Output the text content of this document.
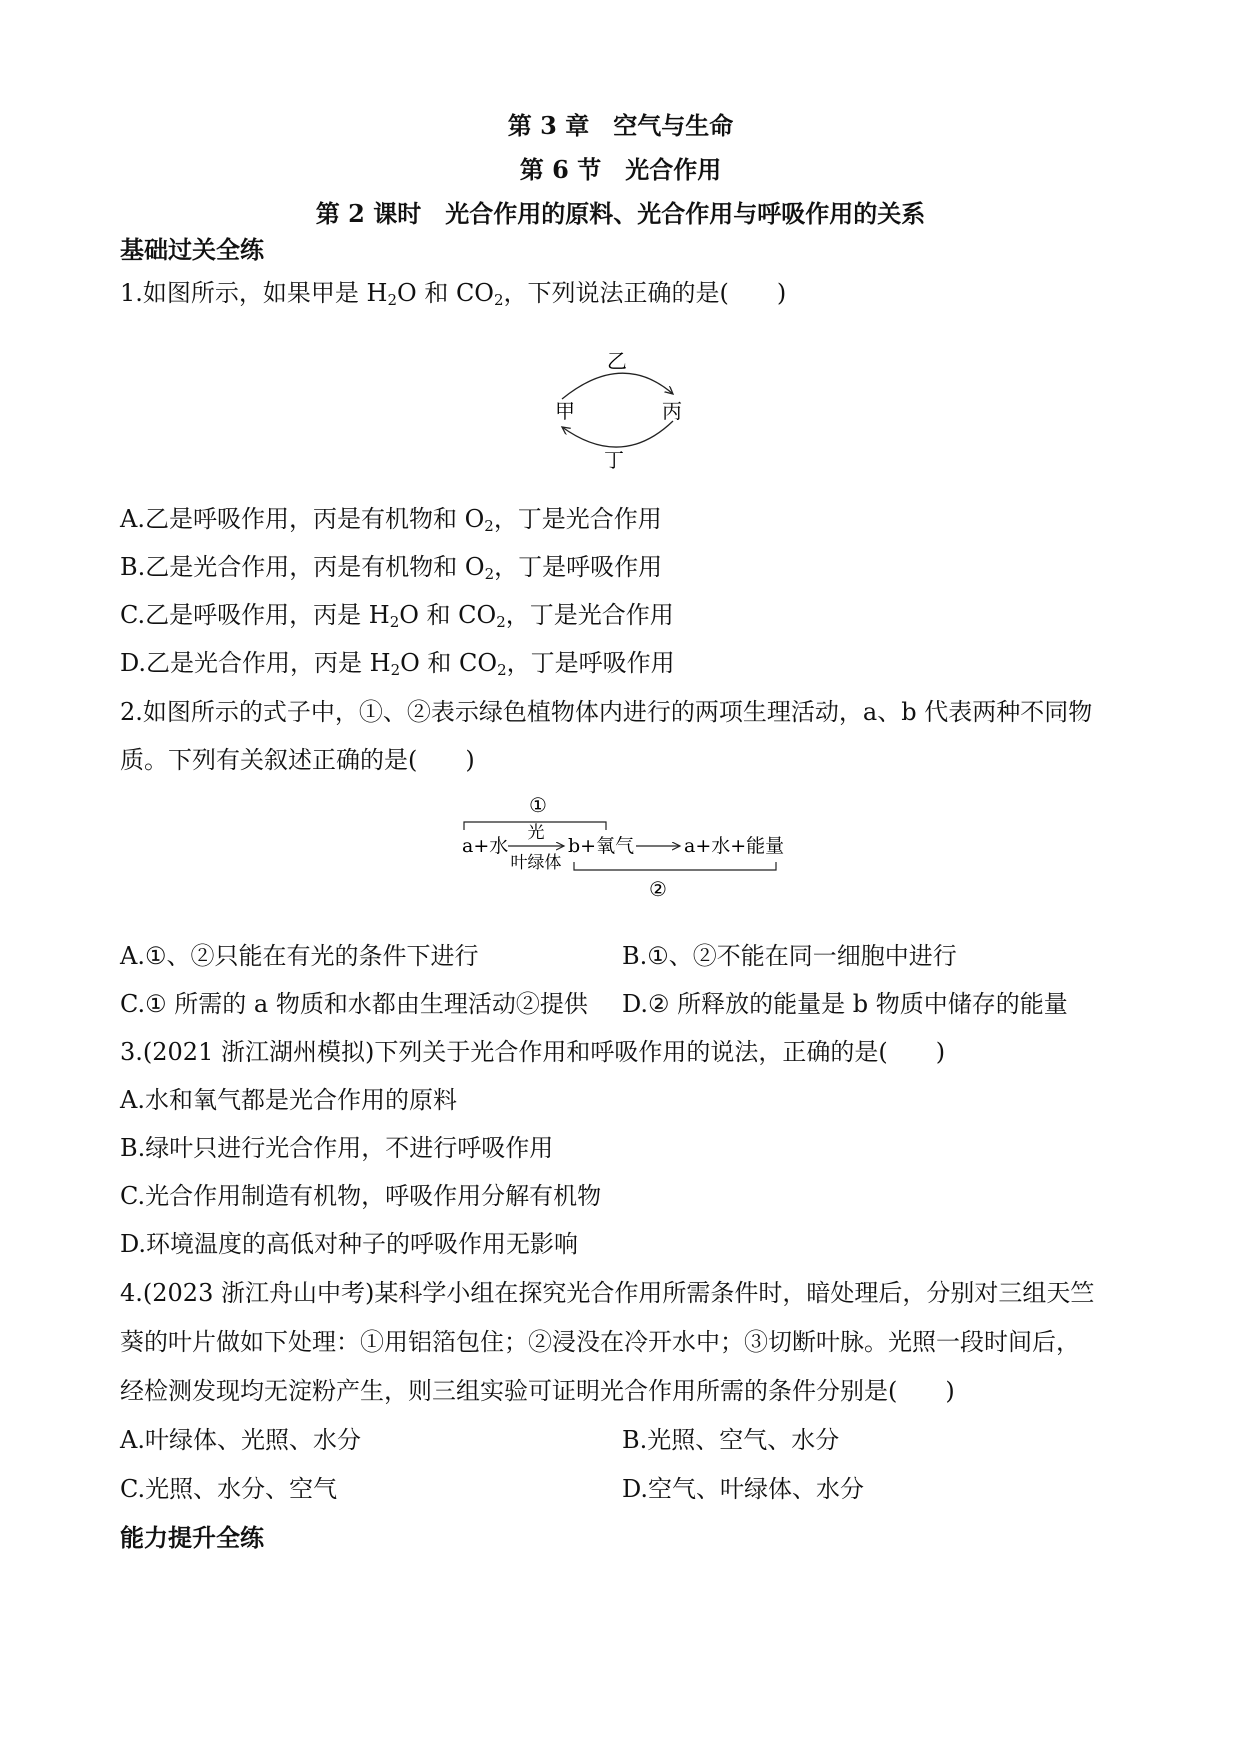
第 3 章　空气与生命
第 6 节　光合作用
第 2 课时　光合作用的原料、光合作用与呼吸作用的关系
基础过关全练
1.如图所示，如果甲是 $H_2O$ 和 $CO_2$，下列说法正确的是(　　)
乙
甲	丙
丁
A.乙是呼吸作用，丙是有机物和 $O_2$，丁是光合作用
B.乙是光合作用，丙是有机物和 $O_2$，丁是呼吸作用
C.乙是呼吸作用，丙是 $H_2O$ 和 $CO_2$，丁是光合作用
D.乙是光合作用，丙是 $H_2O$ 和 $CO_2$，丁是呼吸作用
2.如图所示的式子中，①、②表示绿色植物体内进行的两项生理活动，a、b 代表两种不同物
质。下列有关叙述正确的是(　　)
①
a+水
光
叶绿体
b+氧气	a+水+能量
②
A.①、②只能在有光的条件下进行	B.①、②不能在同一细胞中进行
C.① 所需的 a 物质和水都由生理活动②提供 D.② 所释放的能量是 b 物质中储存的能量
3.(2021 浙江湖州模拟)下列关于光合作用和呼吸作用的说法，正确的是(　　)
A.水和氧气都是光合作用的原料
B.绿叶只进行光合作用，不进行呼吸作用
C.光合作用制造有机物，呼吸作用分解有机物
D.环境温度的高低对种子的呼吸作用无影响
4.(2023 浙江舟山中考)某科学小组在探究光合作用所需条件时，暗处理后，分别对三组天竺
葵的叶片做如下处理：①用铝箔包住；②浸没在冷开水中；③切断叶脉。光照一段时间后，
经检测发现均无淀粉产生，则三组实验可证明光合作用所需的条件分别是(　　)
A.叶绿体、光照、水分	B.光照、空气、水分
C.光照、水分、空气	D.空气、叶绿体、水分
能力提升全练
